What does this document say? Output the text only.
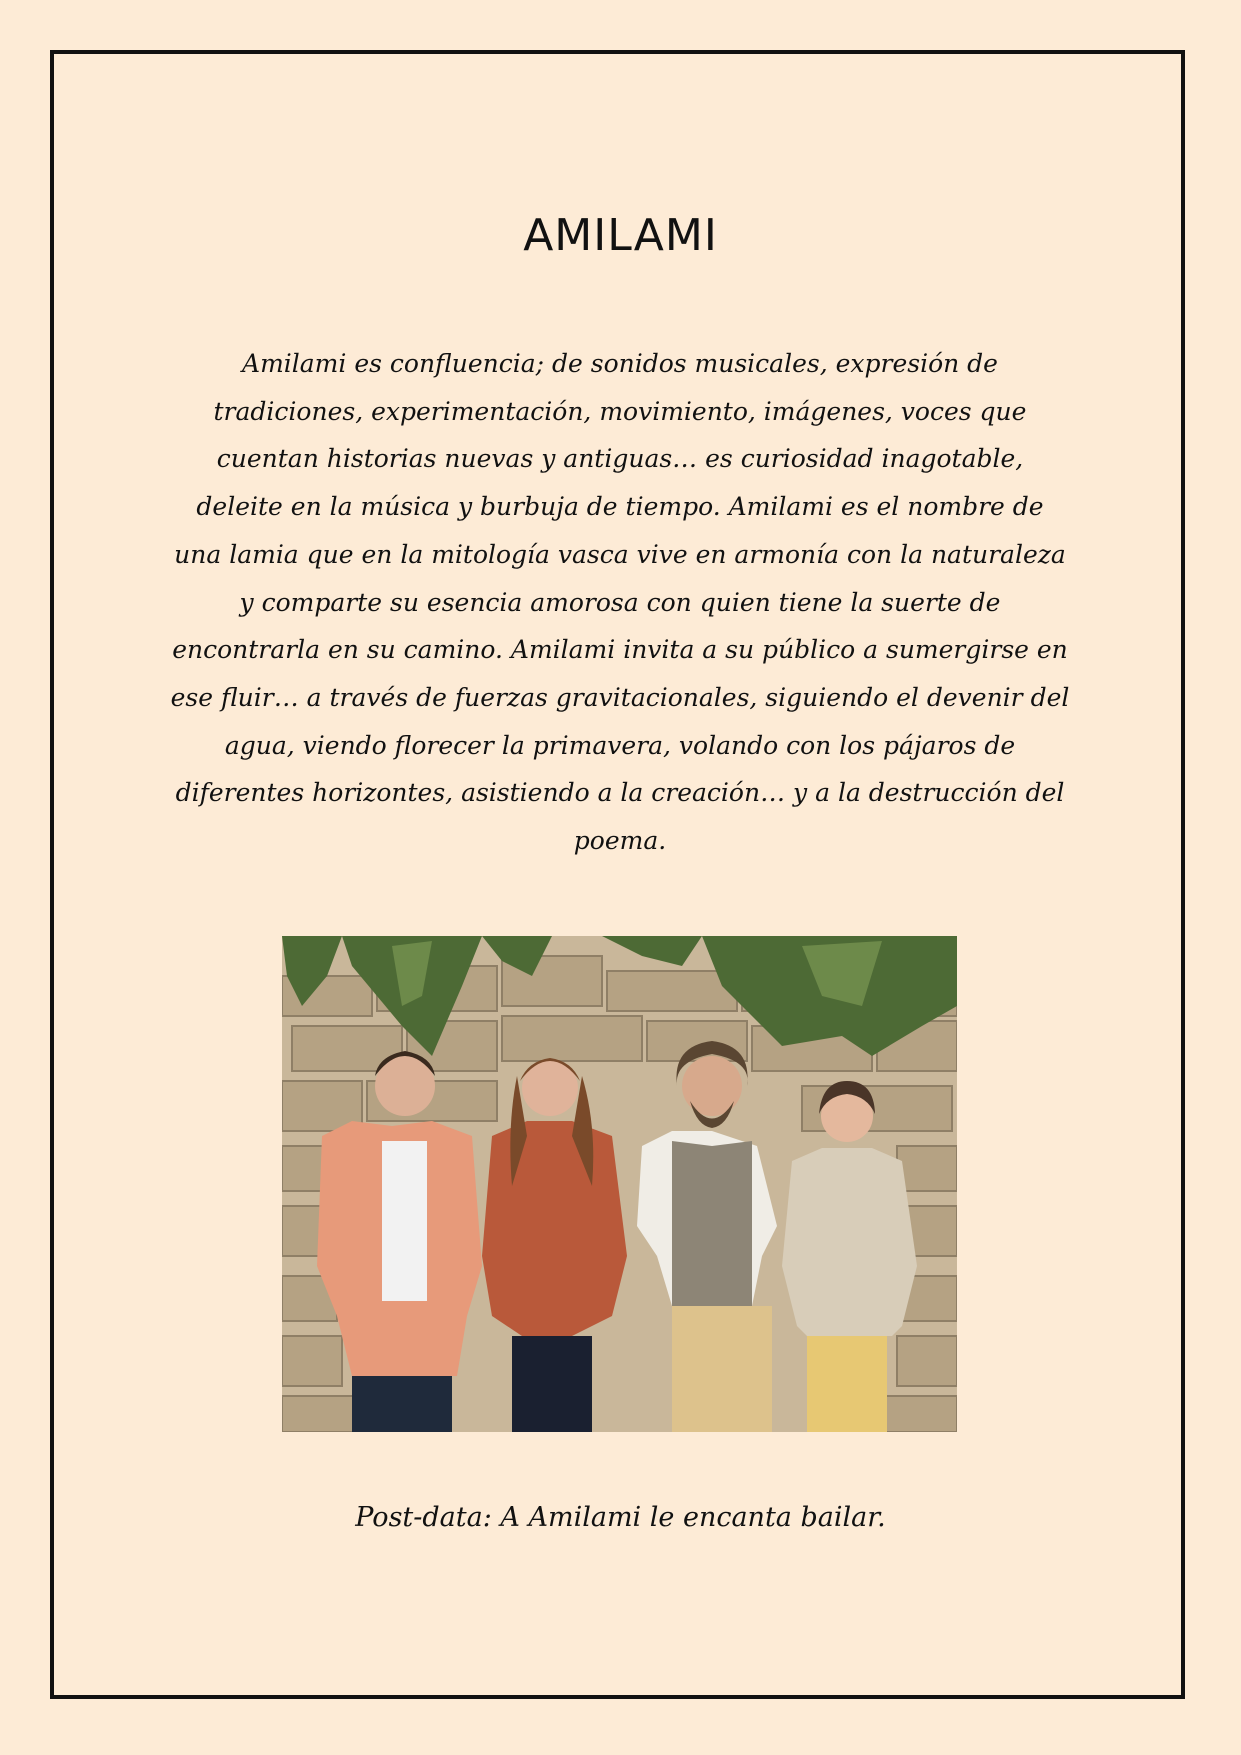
AMILAMI

Amilami es confluencia; de sonidos musicales, expresión de tradiciones, experimentación, movimiento, imágenes, voces que cuentan historias nuevas y antiguas… es curiosidad inagotable, deleite en la música y burbuja de tiempo. Amilami es el nombre de una lamia que en la mitología vasca vive en armonía con la naturaleza y comparte su esencia amorosa con quien tiene la suerte de encontrarla en su camino. Amilami invita a su público a sumergirse en ese fluir… a través de fuerzas gravitacionales, siguiendo el devenir del agua, viendo florecer la primavera, volando con los pájaros de diferentes horizontes, asistiendo a la creación… y a la destrucción del poema.

Post-data: A Amilami le encanta bailar.
